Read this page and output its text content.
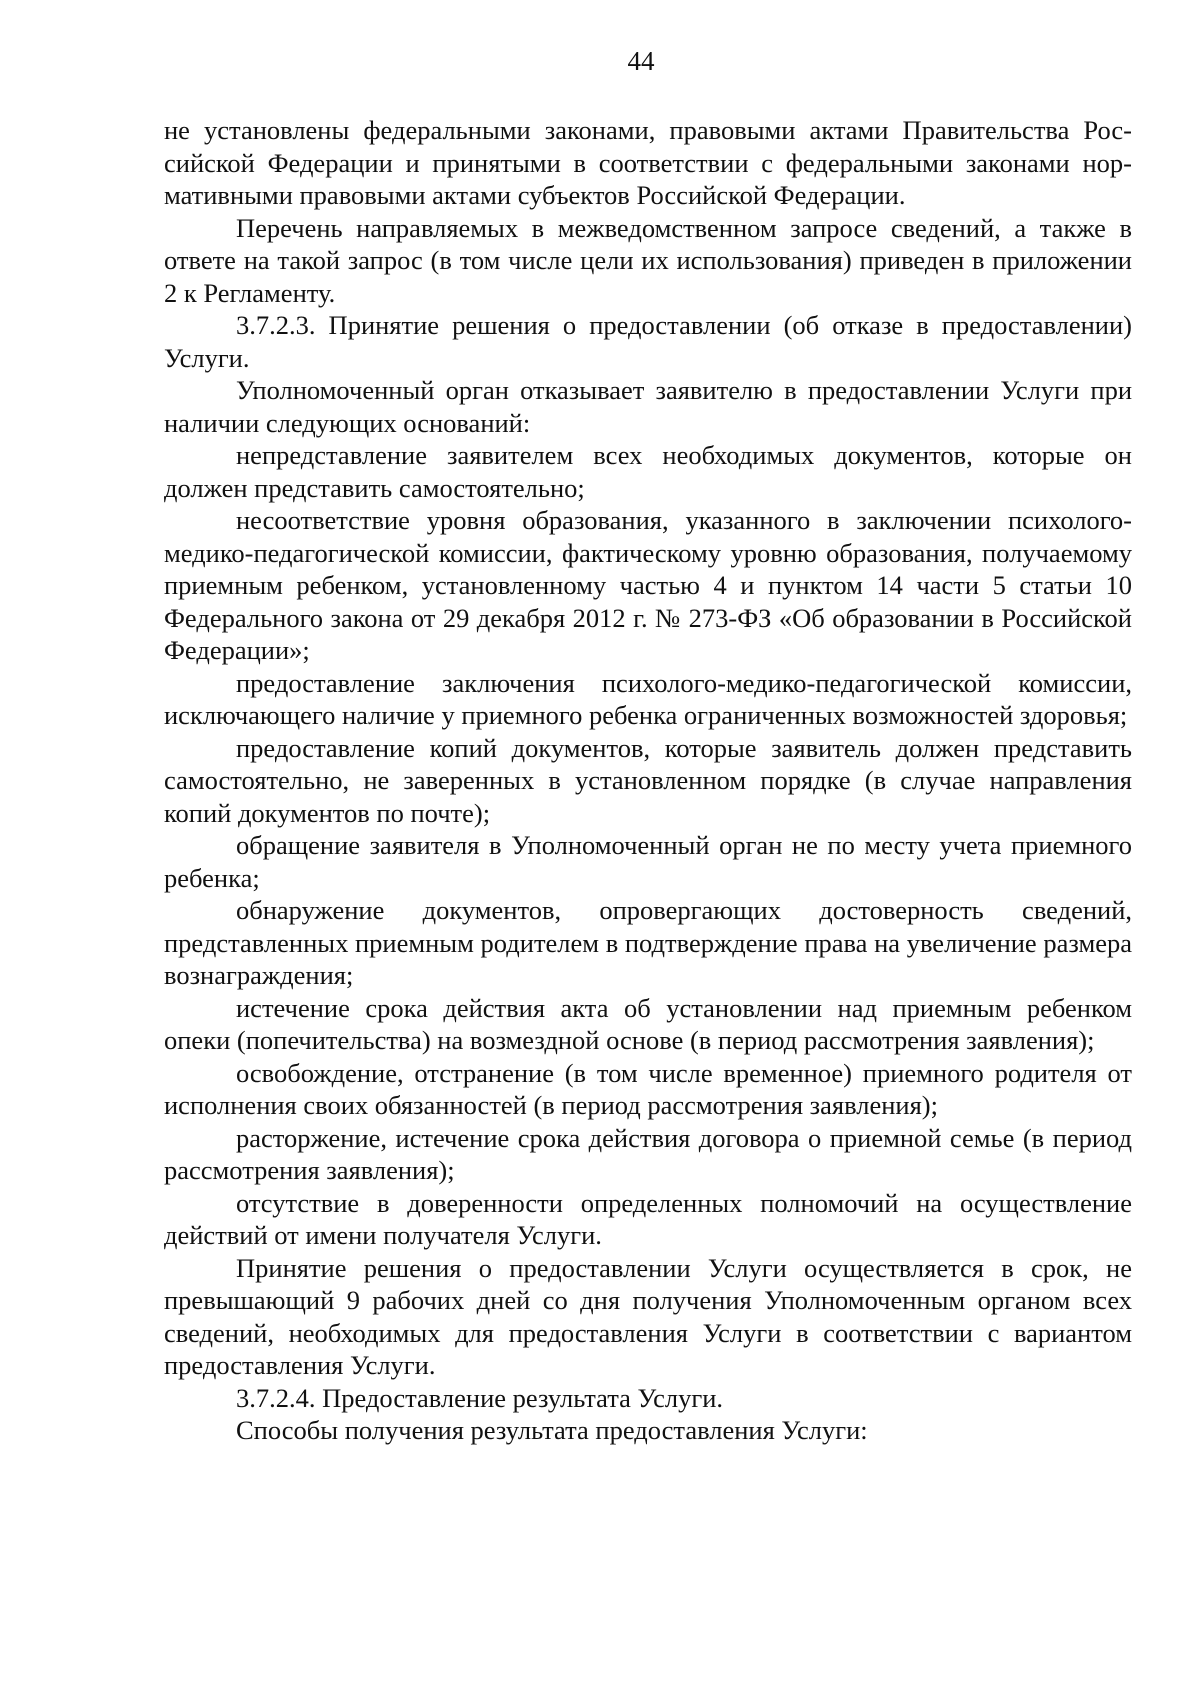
44

не установлены федеральными законами, правовыми актами Правительства Российской Федерации и принятыми в соответствии с федеральными законами нормативными правовыми актами субъектов Российской Федерации.

Перечень направляемых в межведомственном запросе сведений, а также в ответе на такой запрос (в том числе цели их использования) приведен в приложении 2 к Регламенту.

3.7.2.3. Принятие решения о предоставлении (об отказе в предоставлении) Услуги.

Уполномоченный орган отказывает заявителю в предоставлении Услуги при наличии следующих оснований:

непредставление заявителем всех необходимых документов, которые он должен представить самостоятельно;

несоответствие уровня образования, указанного в заключении психолого-медико-педагогической комиссии, фактическому уровню образования, получаемому приемным ребенком, установленному частью 4 и пунктом 14 части 5 статьи 10 Федерального закона от 29 декабря 2012 г. № 273-ФЗ «Об образовании в Российской Федерации»;

предоставление заключения психолого-медико-педагогической комиссии, исключающего наличие у приемного ребенка ограниченных возможностей здоровья;

предоставление копий документов, которые заявитель должен представить самостоятельно, не заверенных в установленном порядке (в случае направления копий документов по почте);

обращение заявителя в Уполномоченный орган не по месту учета приемного ребенка;

обнаружение документов, опровергающих достоверность сведений, представленных приемным родителем в подтверждение права на увеличение размера вознаграждения;

истечение срока действия акта об установлении над приемным ребенком опеки (попечительства) на возмездной основе (в период рассмотрения заявления);

освобождение, отстранение (в том числе временное) приемного родителя от исполнения своих обязанностей (в период рассмотрения заявления);

расторжение, истечение срока действия договора о приемной семье (в период рассмотрения заявления);

отсутствие в доверенности определенных полномочий на осуществление действий от имени получателя Услуги.

Принятие решения о предоставлении Услуги осуществляется в срок, не превышающий 9 рабочих дней со дня получения Уполномоченным органом всех сведений, необходимых для предоставления Услуги в соответствии с вариантом предоставления Услуги.

3.7.2.4. Предоставление результата Услуги.

Способы получения результата предоставления Услуги:
